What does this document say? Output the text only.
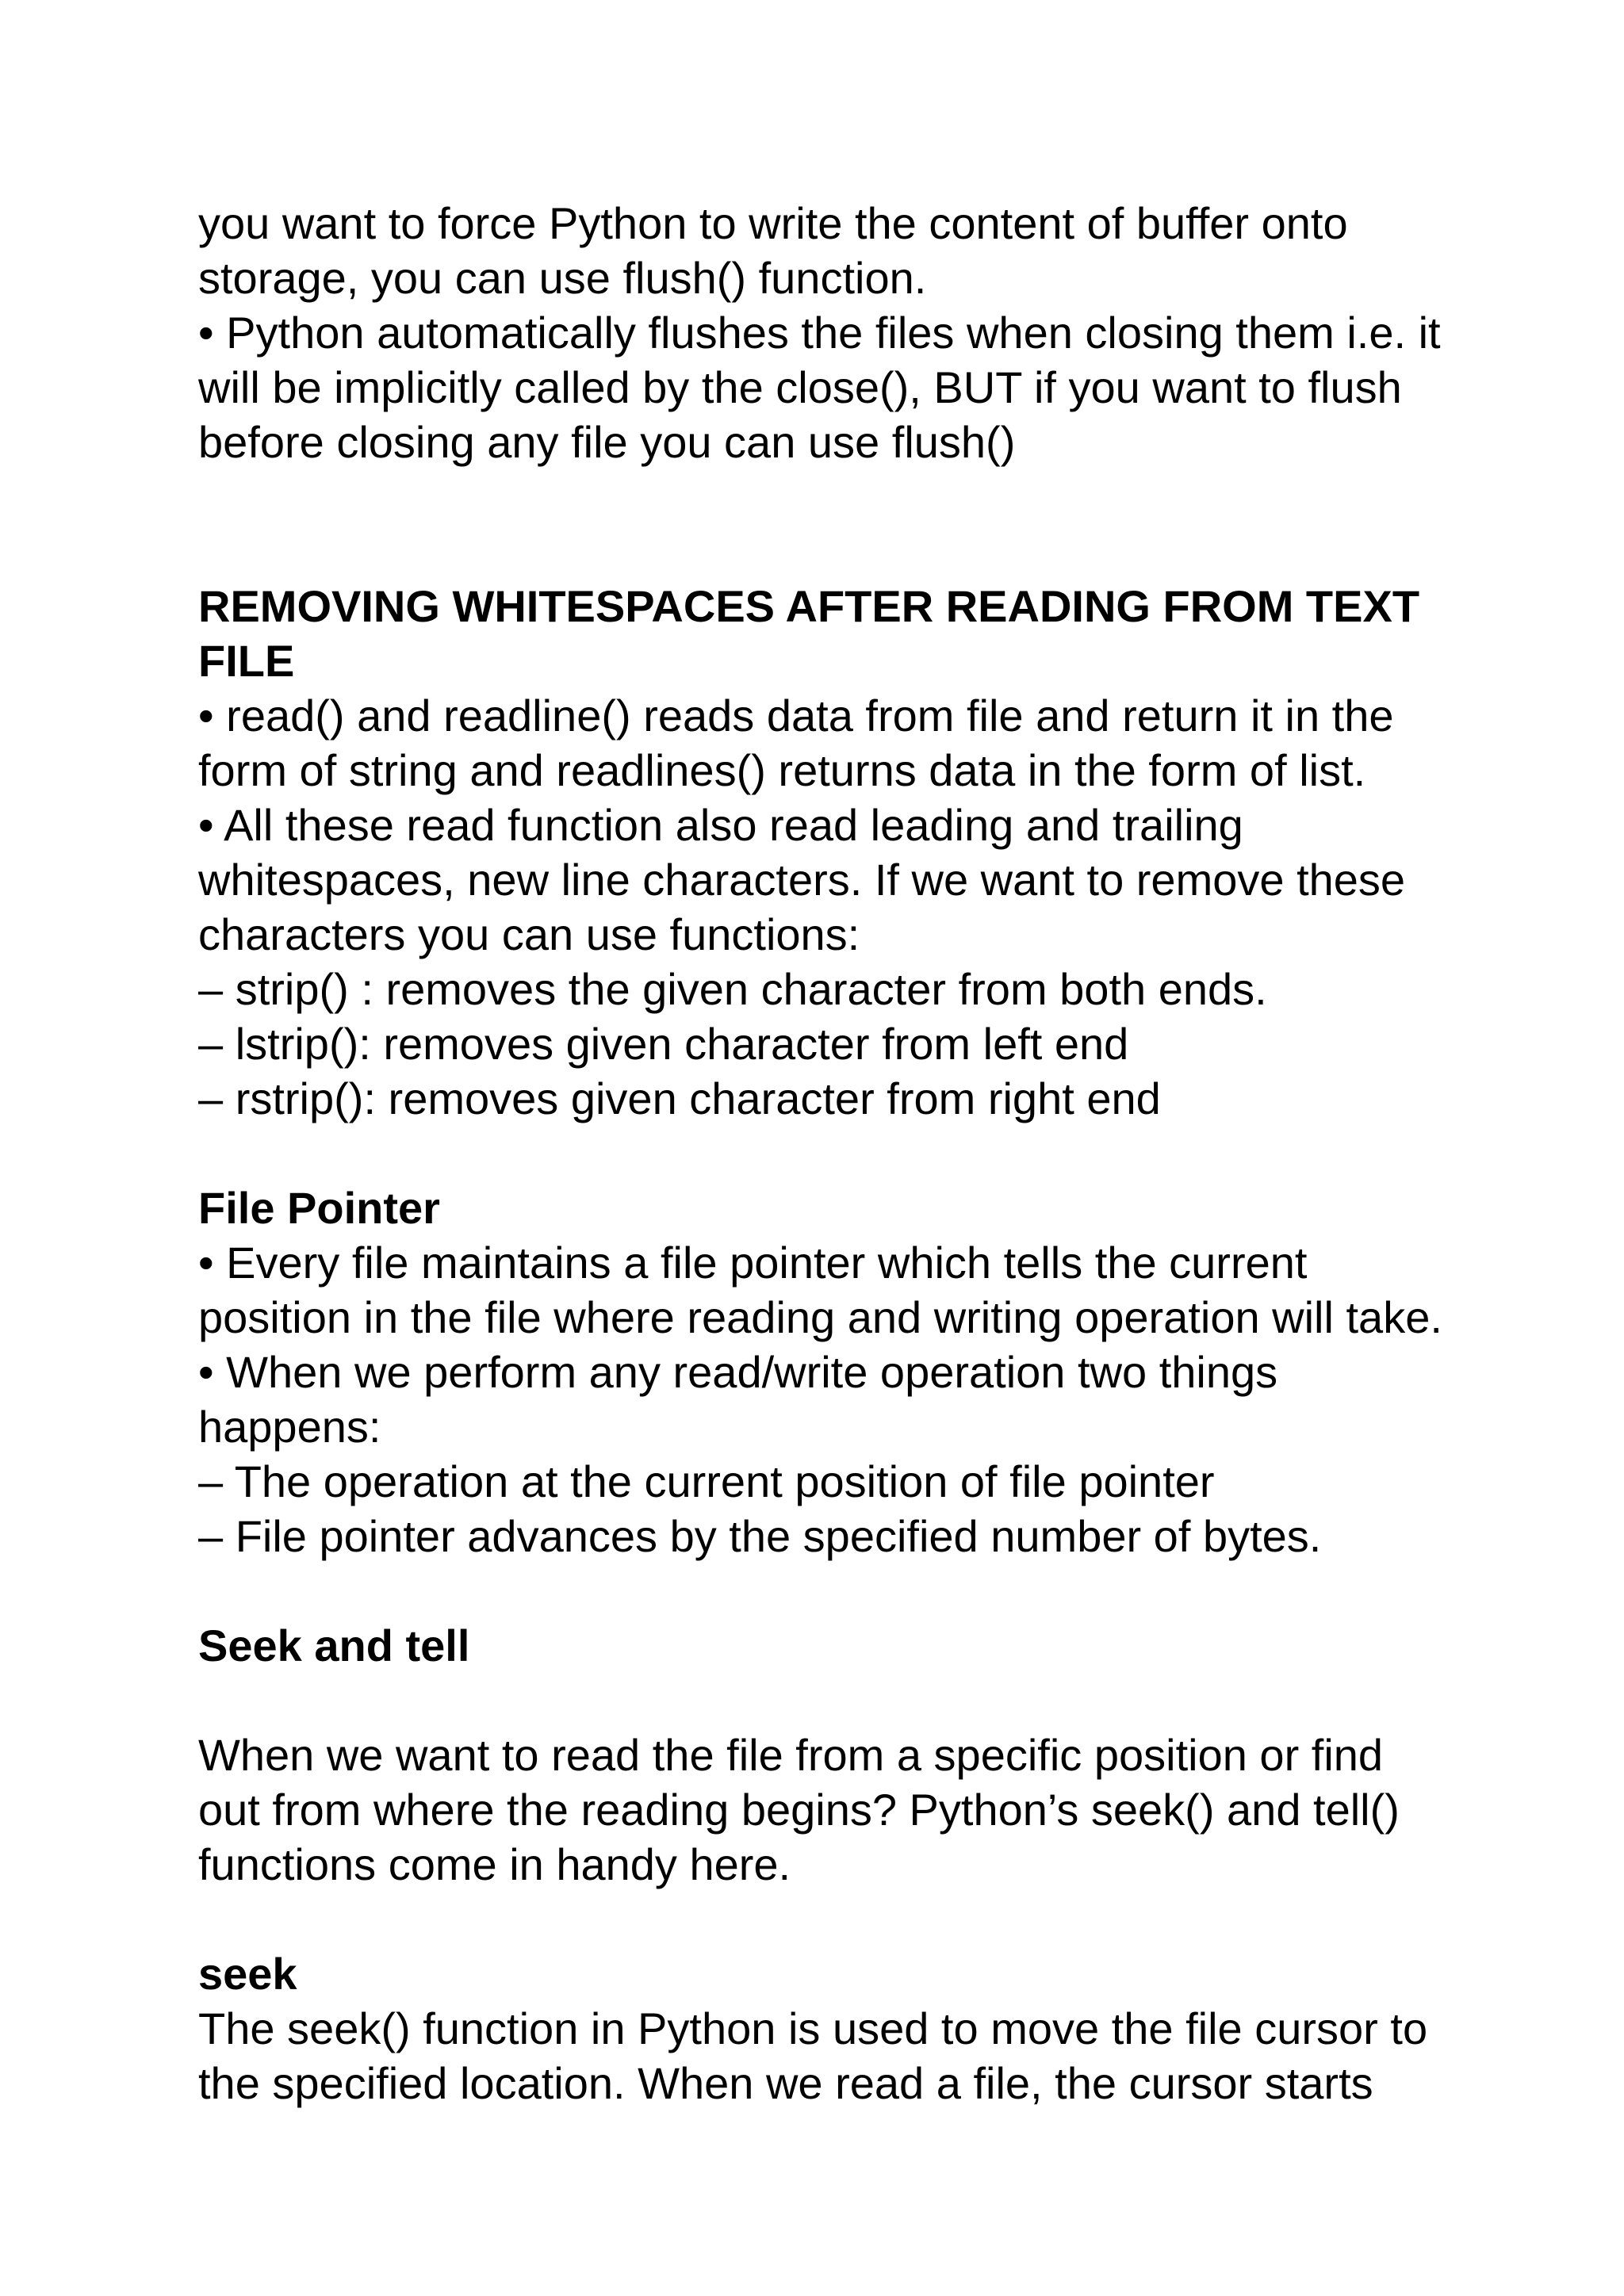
you want to force Python to write the content of buffer onto
storage, you can use flush() function.
• Python automatically flushes the files when closing them i.e. it
will be implicitly called by the close(), BUT if you want to flush
before closing any file you can use flush()
REMOVING WHITESPACES AFTER READING FROM TEXT
FILE
• read() and readline() reads data from file and return it in the
form of string and readlines() returns data in the form of list.
• All these read function also read leading and trailing
whitespaces, new line characters. If we want to remove these
characters you can use functions:
– strip() : removes the given character from both ends.
– lstrip(): removes given character from left end
– rstrip(): removes given character from right end
File Pointer
• Every file maintains a file pointer which tells the current
position in the file where reading and writing operation will take.
• When we perform any read/write operation two things
happens:
– The operation at the current position of file pointer
– File pointer advances by the specified number of bytes.
Seek and tell
When we want to read the file from a specific position or find
out from where the reading begins? Python’s seek() and tell()
functions come in handy here.
seek
The seek() function in Python is used to move the file cursor to
the specified location. When we read a file, the cursor starts
